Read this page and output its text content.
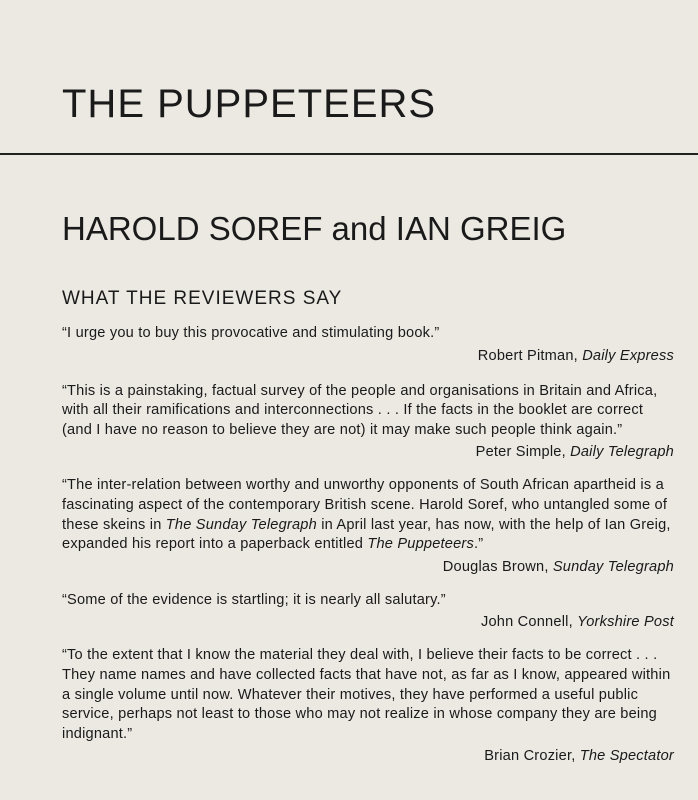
THE PUPPETEERS
HAROLD SOREF and IAN GREIG
WHAT THE REVIEWERS SAY

“I urge you to buy this provocative and stimulating book.”

Robert Pitman, Daily Express

“This is a painstaking, factual survey of the people and organisations in Britain and Africa, with all their ramifications and interconnections . . . If the facts in the booklet are correct (and I have no reason to believe they are not) it may make such people think again.”

Peter Simple, Daily Telegraph

“The inter-relation between worthy and unworthy opponents of South African apartheid is a fascinating aspect of the contemporary British scene. Harold Soref, who untangled some of these skeins in The Sunday Telegraph in April last year, has now, with the help of Ian Greig, expanded his report into a paperback entitled The Puppeteers.”

Douglas Brown, Sunday Telegraph

“Some of the evidence is startling; it is nearly all salutary.”

John Connell, Yorkshire Post

“To the extent that I know the material they deal with, I believe their facts to be correct . . . They name names and have collected facts that have not, as far as I know, appeared within a single volume until now. Whatever their motives, they have performed a useful public service, perhaps not least to those who may not realize in whose company they are being indignant.”

Brian Crozier, The Spectator
